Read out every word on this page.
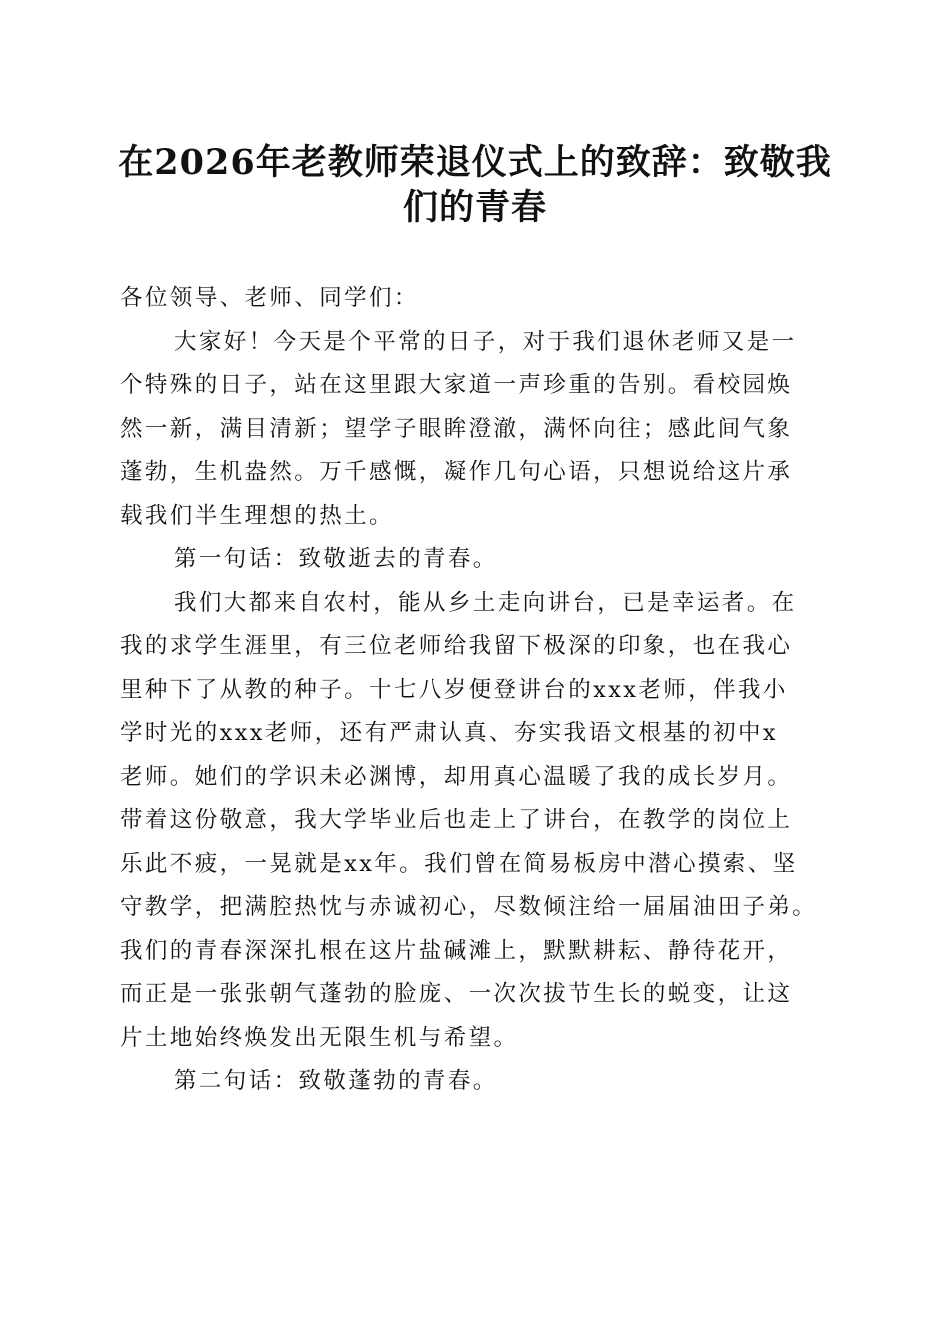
在2026年老教师荣退仪式上的致辞：致敬我
们的青春

各位领导、老师、同学们：

大家好！今天是个平常的日子，对于我们退休老师又是一
个特殊的日子，站在这里跟大家道一声珍重的告别。看校园焕
然一新，满目清新；望学子眼眸澄澈，满怀向往；感此间气象
蓬勃，生机盎然。万千感慨，凝作几句心语，只想说给这片承
载我们半生理想的热土。

第一句话：致敬逝去的青春。

我们大都来自农村，能从乡土走向讲台，已是幸运者。在
我的求学生涯里，有三位老师给我留下极深的印象，也在我心
里种下了从教的种子。十七八岁便登讲台的xxx老师，伴我小
学时光的xxx老师，还有严肃认真、夯实我语文根基的初中x
老师。她们的学识未必渊博，却用真心温暖了我的成长岁月。
带着这份敬意，我大学毕业后也走上了讲台，在教学的岗位上
乐此不疲，一晃就是xx年。我们曾在简易板房中潜心摸索、坚
守教学，把满腔热忱与赤诚初心，尽数倾注给一届届油田子弟。
我们的青春深深扎根在这片盐碱滩上，默默耕耘、静待花开，
而正是一张张朝气蓬勃的脸庞、一次次拔节生长的蜕变，让这
片土地始终焕发出无限生机与希望。

第二句话：致敬蓬勃的青春。
